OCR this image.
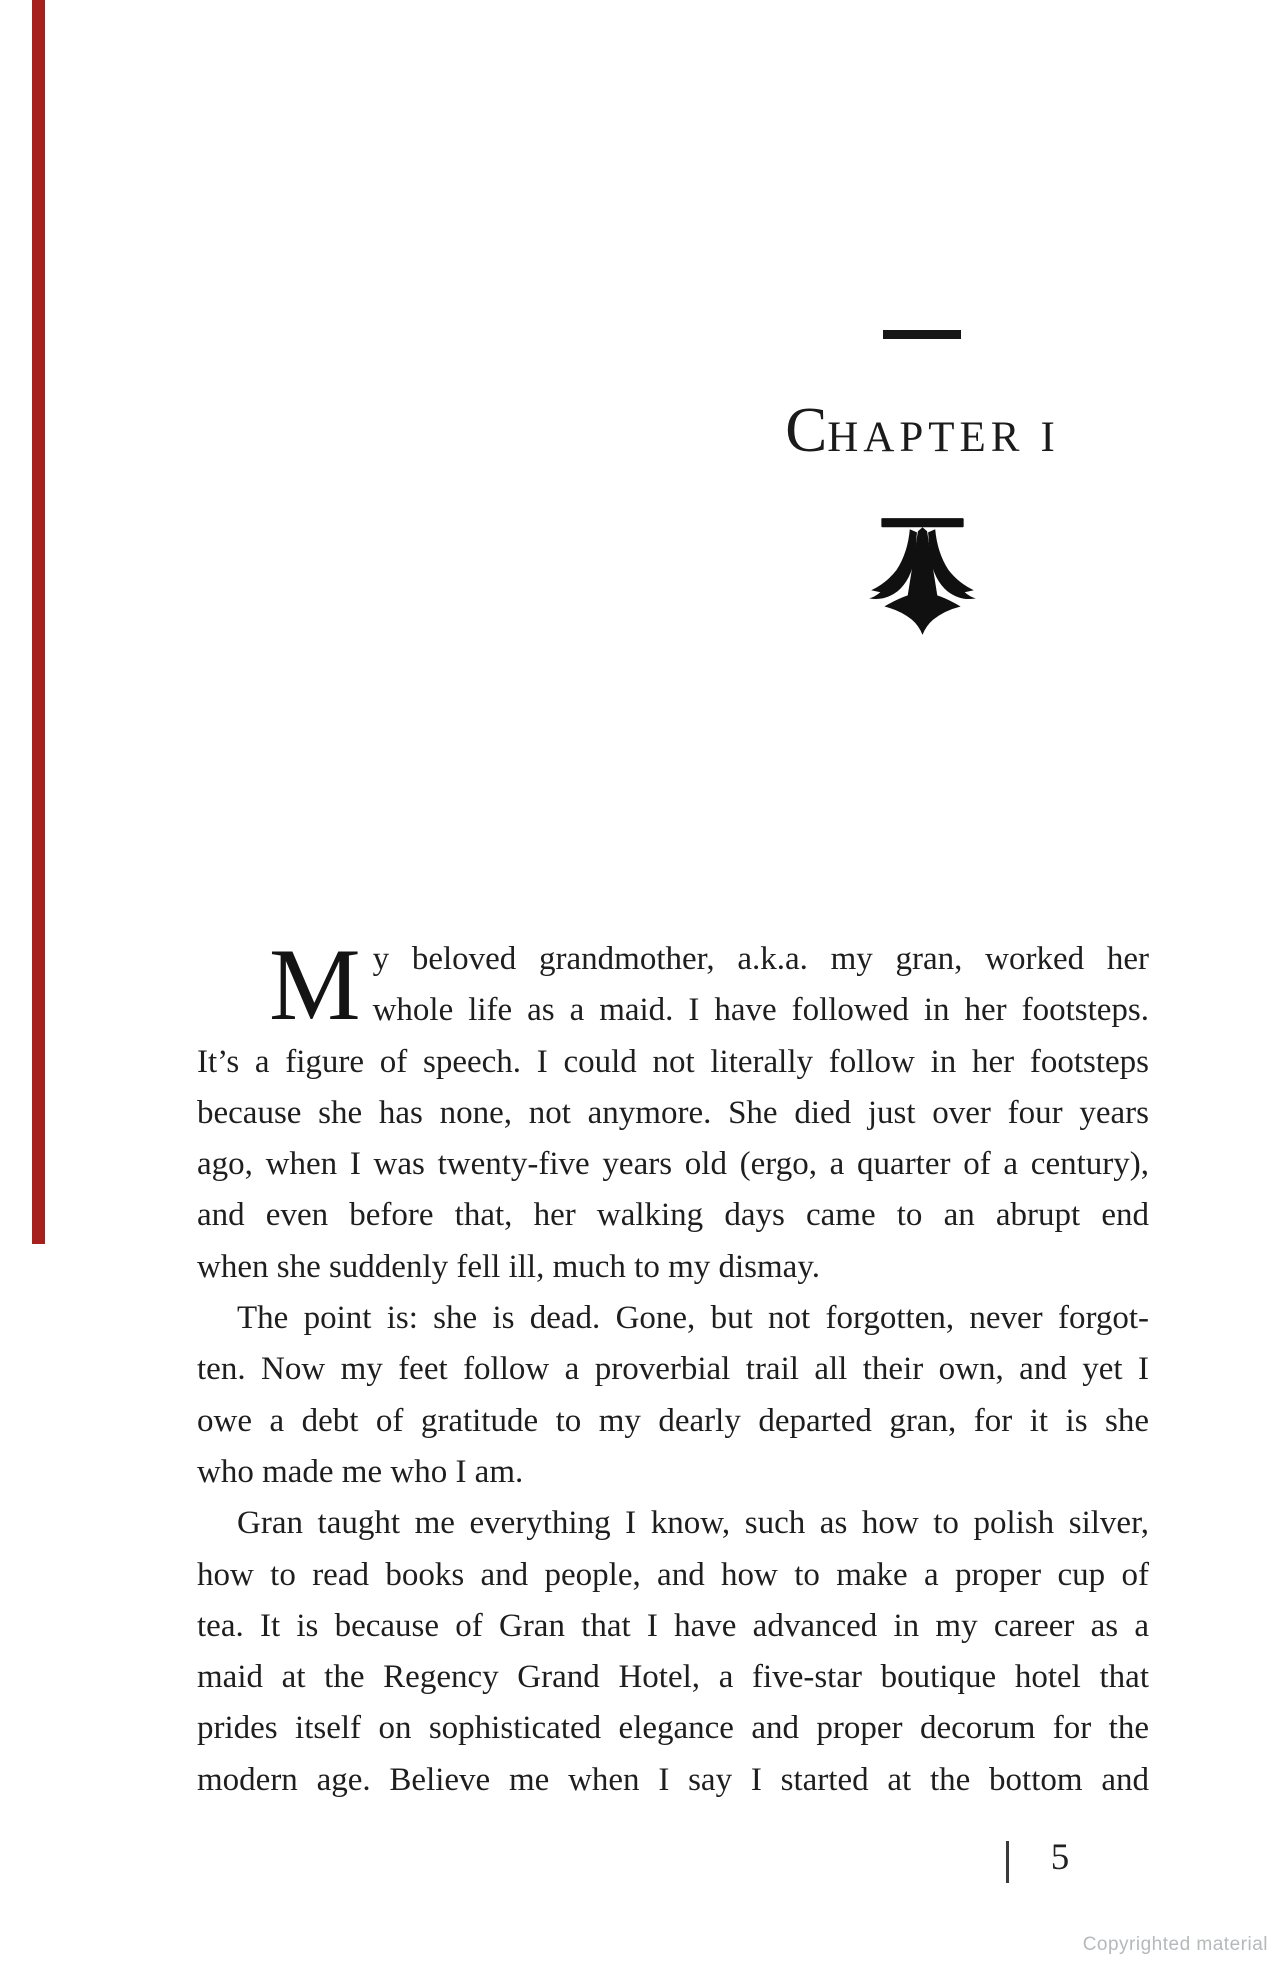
CHAPTER I
M y beloved grandmother, a.k.a. my gran, worked her
whole life as a maid. I have followed in her footsteps.
It’s a figure of speech. I could not literally follow in her footsteps
because she has none, not anymore. She died just over four years
ago, when I was twenty-five years old (ergo, a quarter of a century),
and even before that, her walking days came to an abrupt end
when she suddenly fell ill, much to my dismay.
The point is: she is dead. Gone, but not forgotten, never forgot-
ten. Now my feet follow a proverbial trail all their own, and yet I
owe a debt of gratitude to my dearly departed gran, for it is she
who made me who I am.
Gran taught me everything I know, such as how to polish silver,
how to read books and people, and how to make a proper cup of
tea. It is because of Gran that I have advanced in my career as a
maid at the Regency Grand Hotel, a five-star boutique hotel that
prides itself on sophisticated elegance and proper decorum for the
modern age. Believe me when I say I started at the bottom and
5
Copyrighted material
